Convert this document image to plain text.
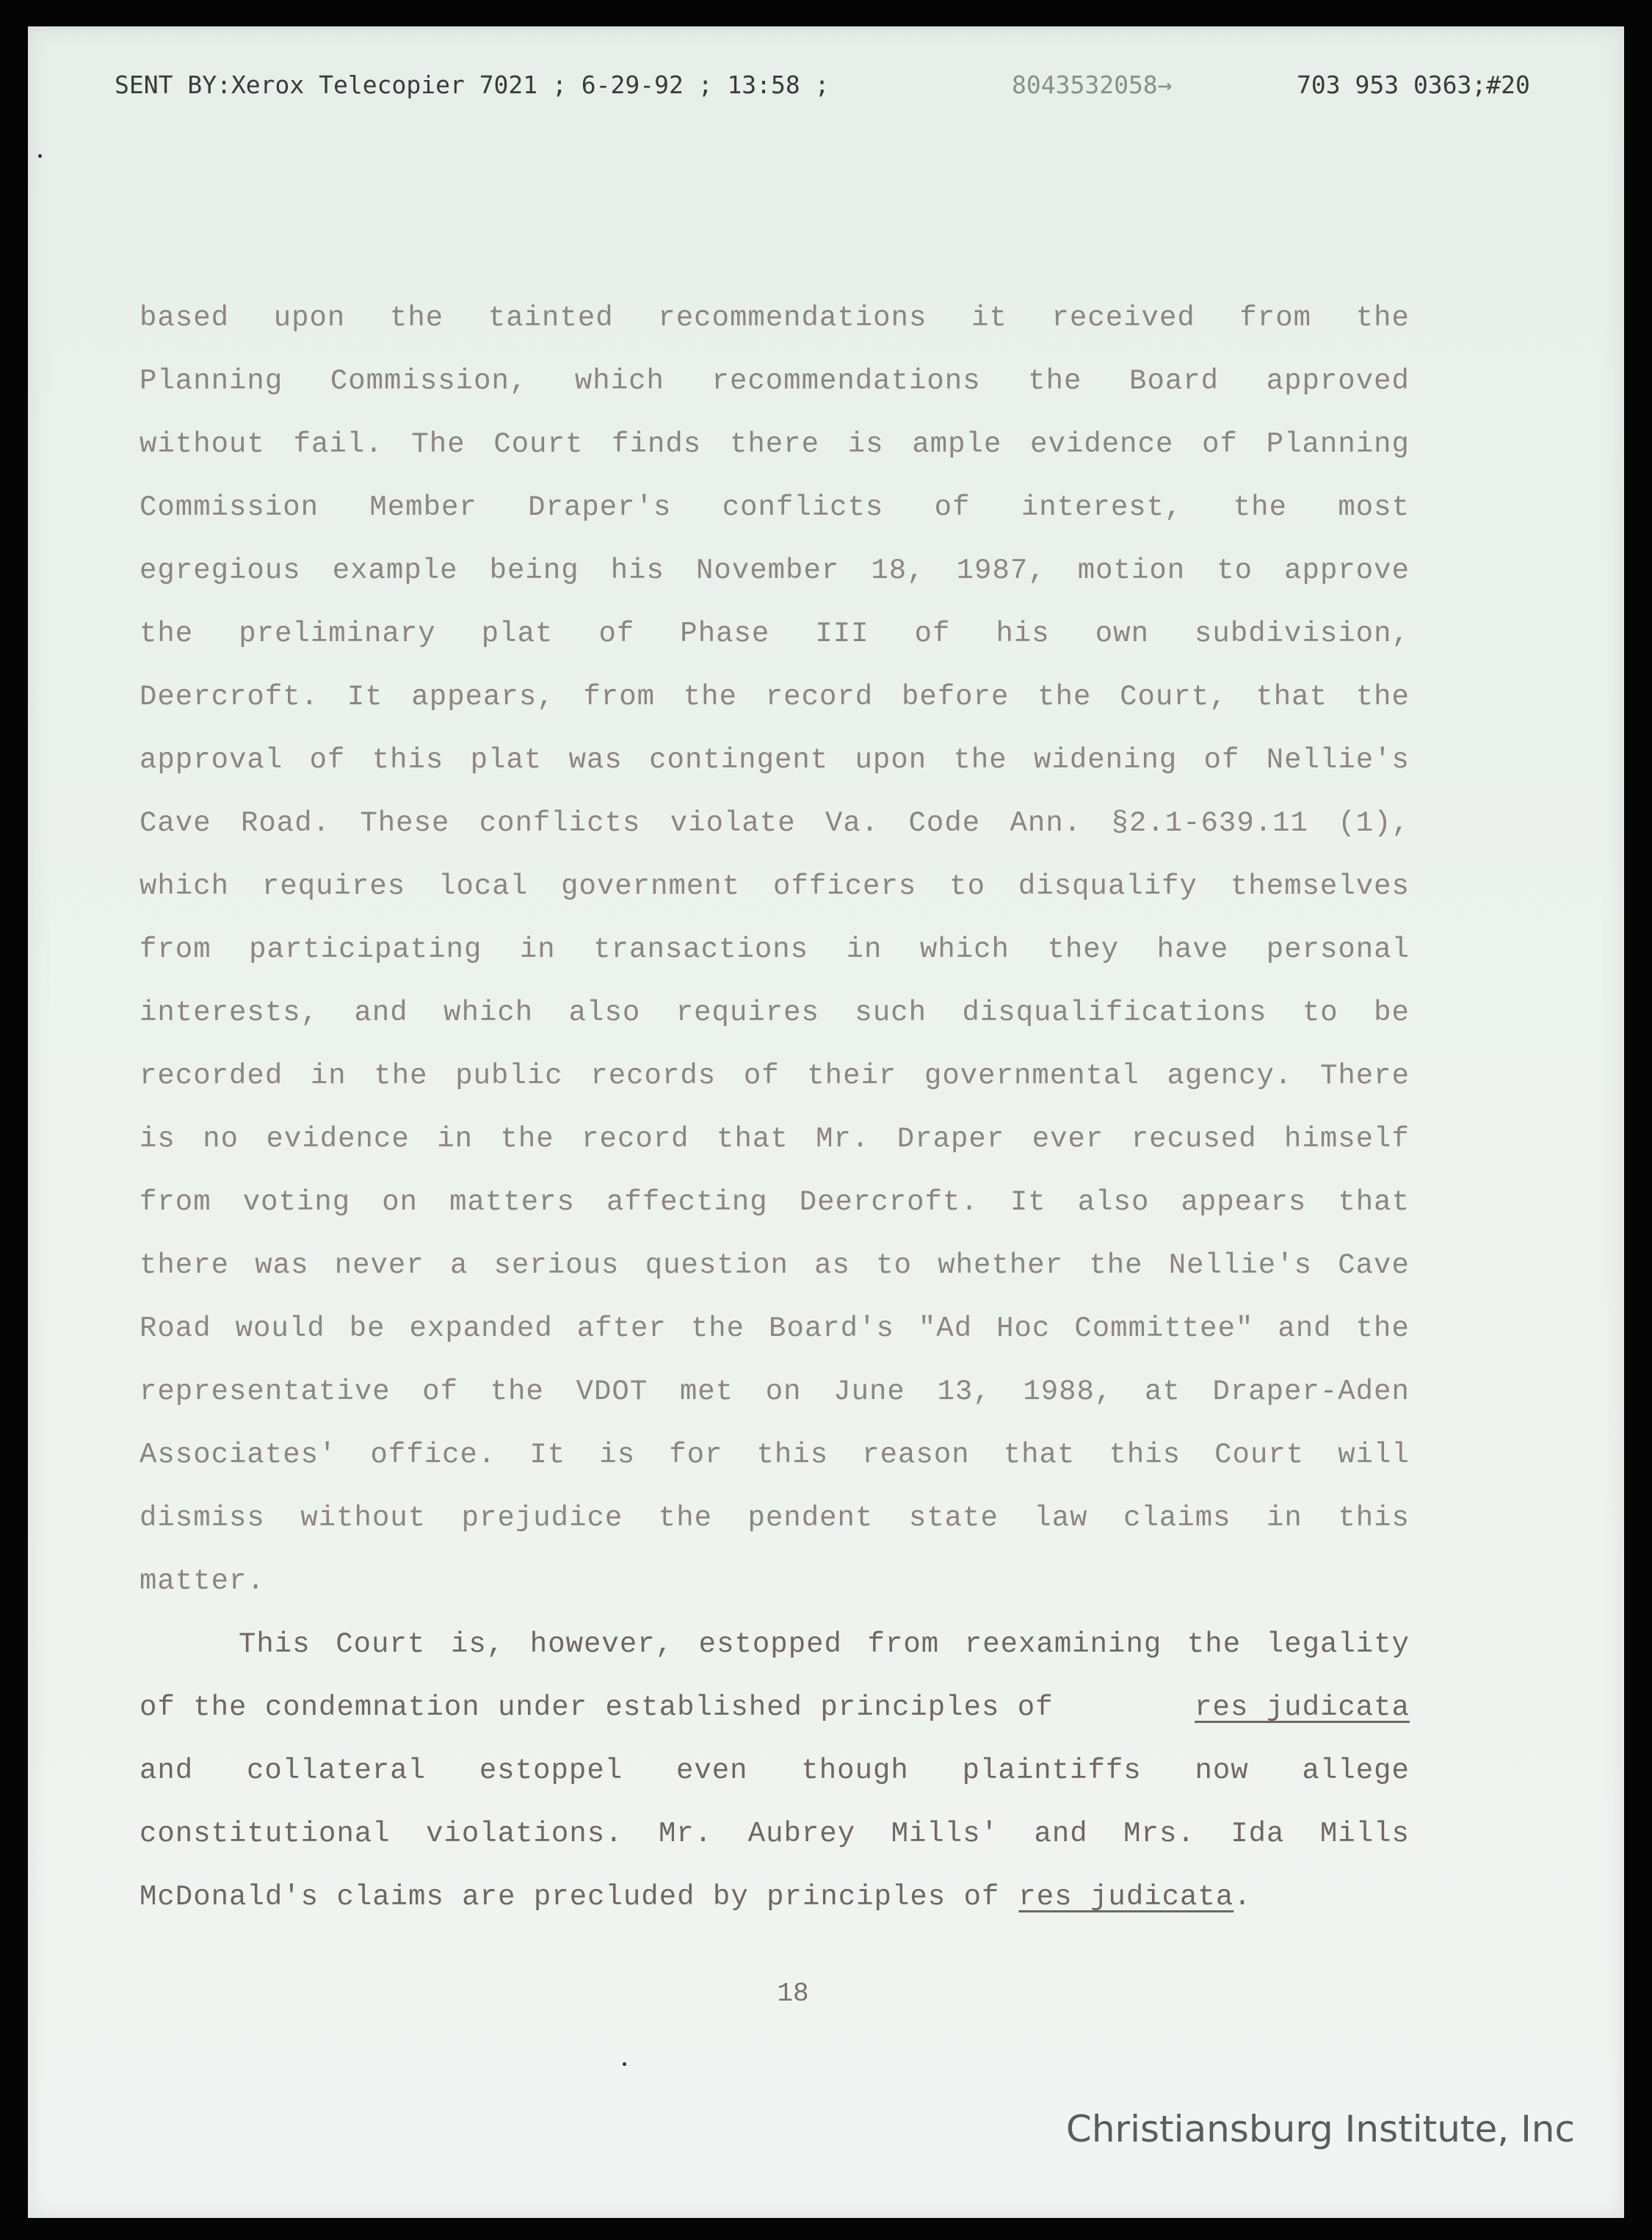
SENT BY:Xerox Telecopier 7021 ; 6-29-92 ; 13:58 ;

	8043532058→

	703 953 0363;#20

based upon the tainted recommendations it received from the
Planning Commission, which recommendations the Board approved
without fail. The Court finds there is ample evidence of Planning
Commission Member Draper's conflicts of interest, the most
egregious example being his November 18, 1987, motion to approve
the preliminary plat of Phase III of his own subdivision,
Deercroft. It appears, from the record before the Court, that the
approval of this plat was contingent upon the widening of Nellie's
Cave Road. These conflicts violate Va. Code Ann. §2.1-639.11 (1),
which requires local government officers to disqualify themselves
from participating in transactions in which they have personal
interests, and which also requires such disqualifications to be
recorded in the public records of their governmental agency. There
is no evidence in the record that Mr. Draper ever recused himself
from voting on matters affecting Deercroft. It also appears that
there was never a serious question as to whether the Nellie's Cave
Road would be expanded after the Board's "Ad Hoc Committee" and the
representative of the VDOT met on June 13, 1988, at Draper-Aden
Associates' office. It is for this reason that this Court will
dismiss without prejudice the pendent state law claims in this
matter.
This Court is, however, estopped from reexamining the legality
of the condemnation under established principles of	res judicata
and collateral estoppel even though plaintiffs now allege
constitutional violations. Mr. Aubrey Mills' and Mrs. Ida Mills
McDonald's claims are precluded by principles of res judicata.
18
Christiansburg Institute, Inc
